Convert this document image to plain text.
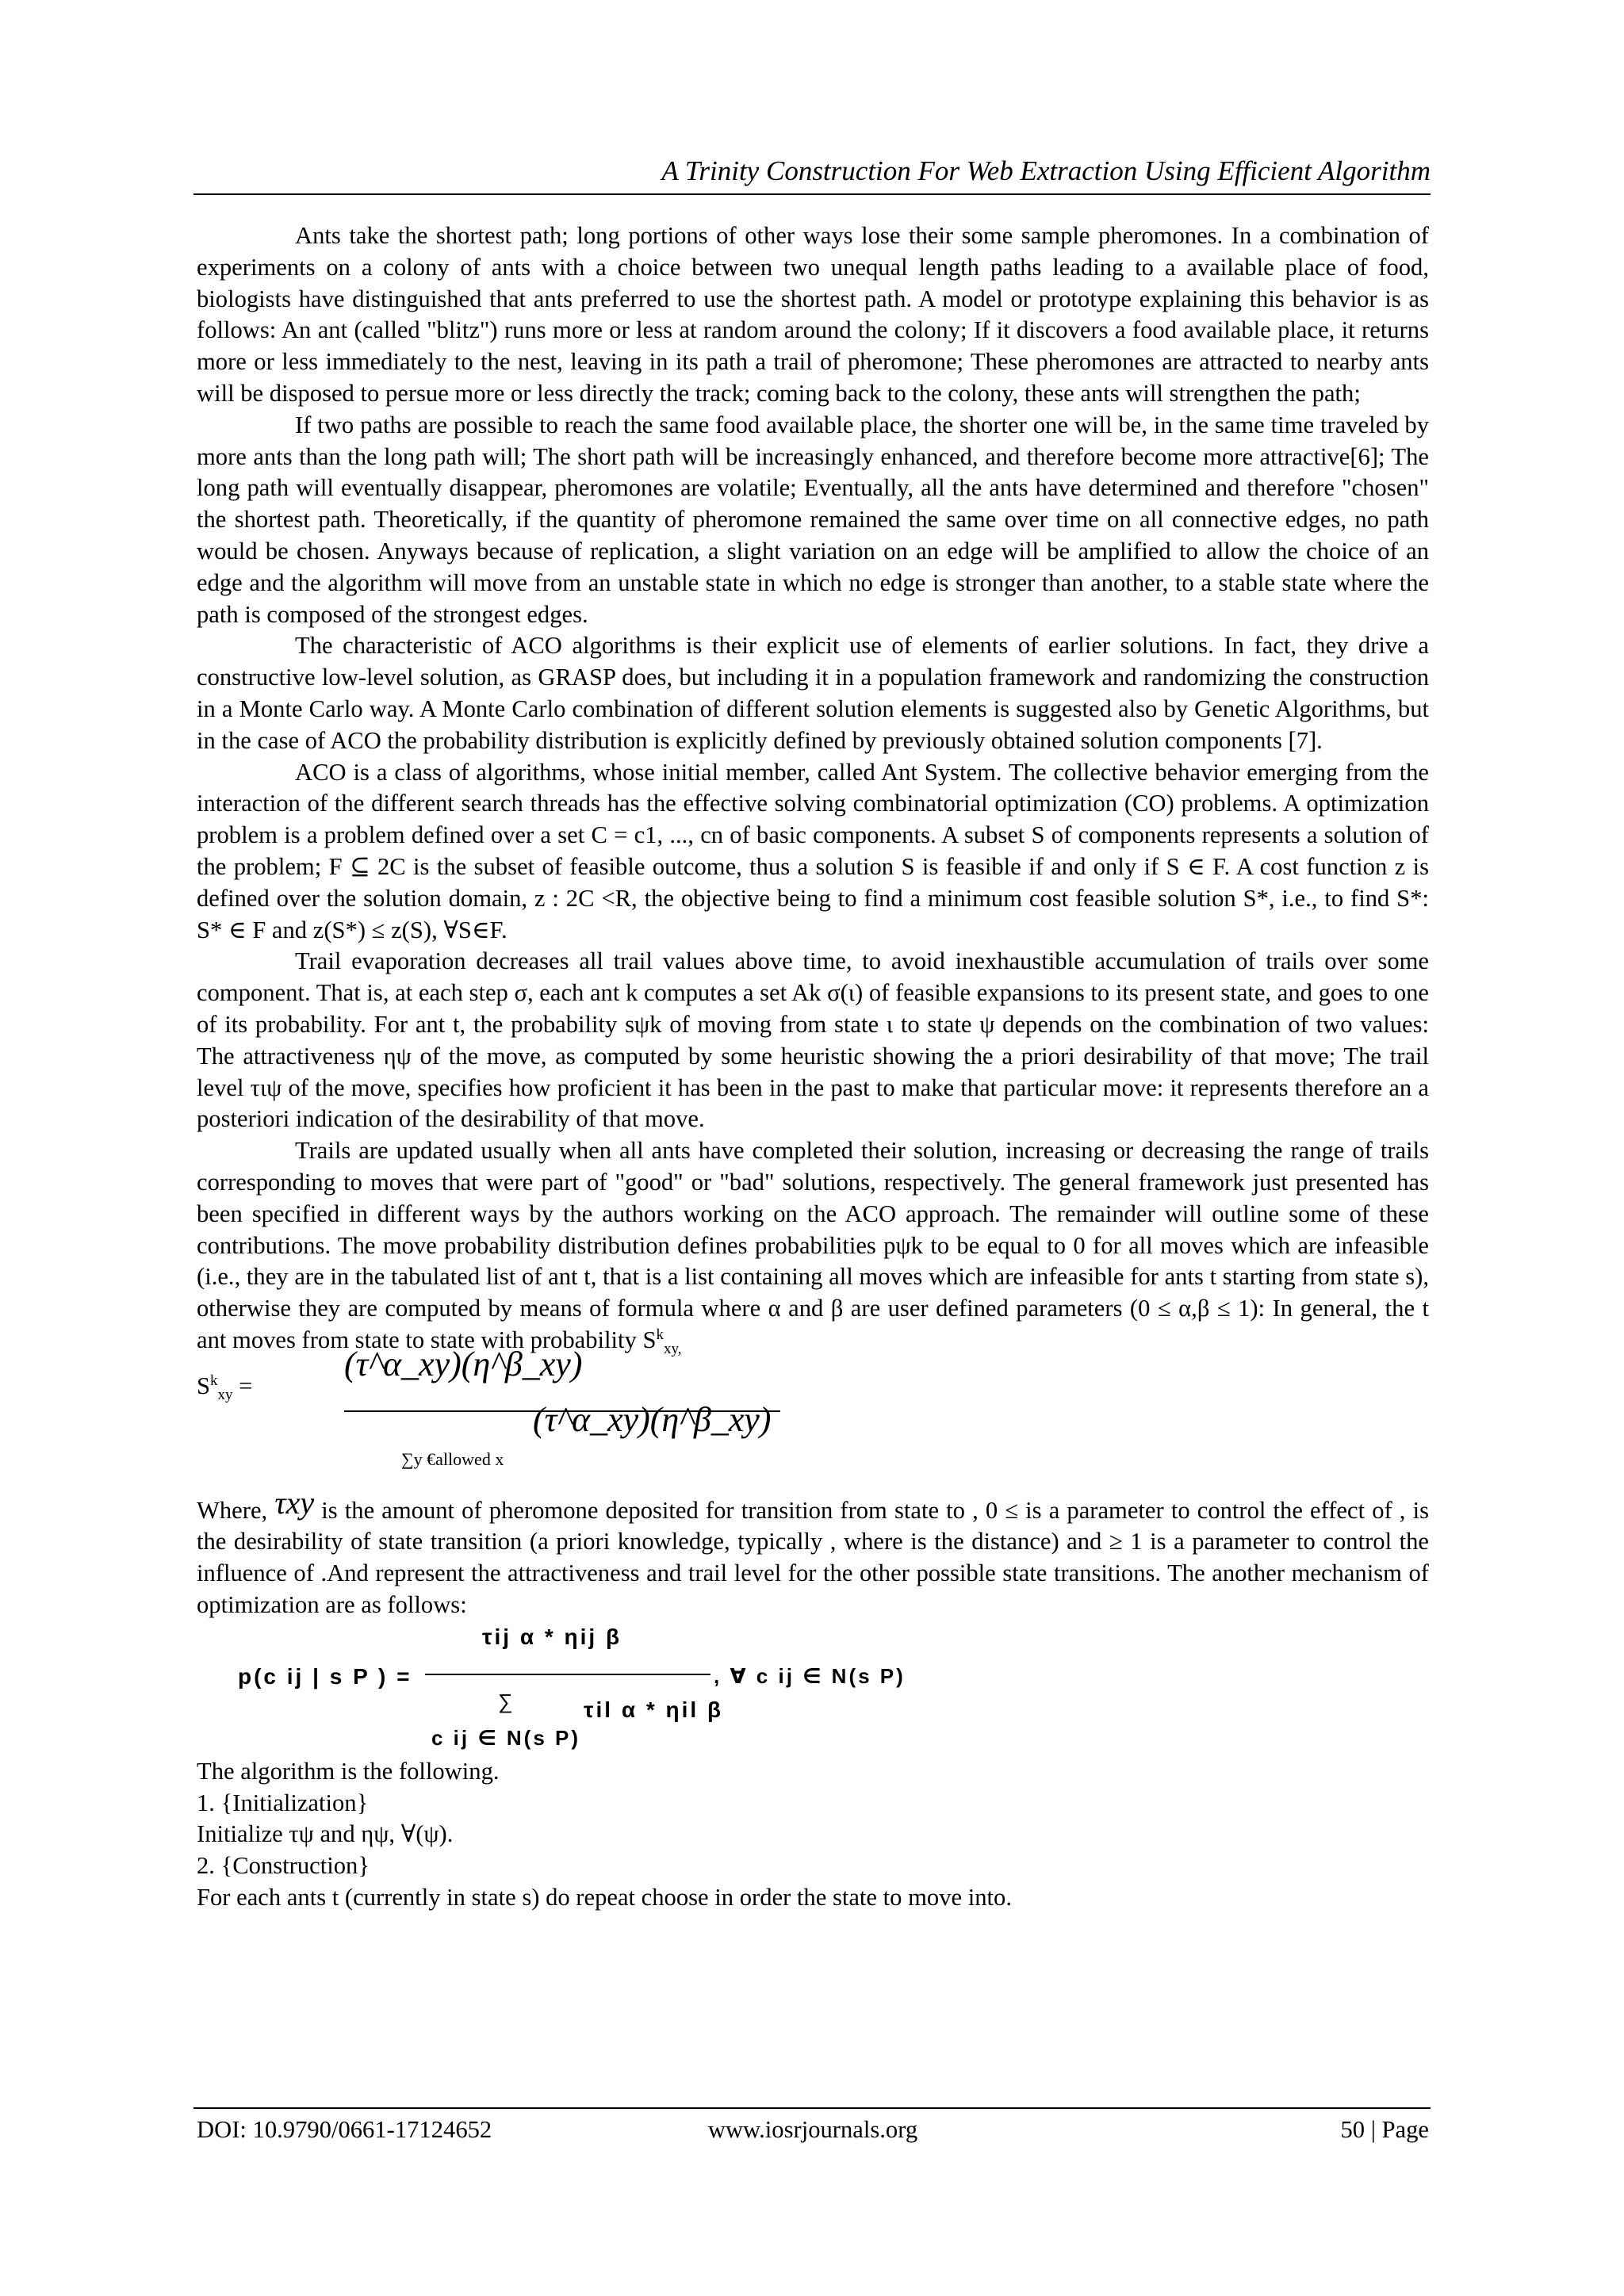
A Trinity Construction For Web Extraction Using Efficient Algorithm

Ants take the shortest path; long portions of other ways lose their some sample pheromones. In a combination of experiments on a colony of ants with a choice between two unequal length paths leading to a available place of food, biologists have distinguished that ants preferred to use the shortest path. A model or prototype explaining this behavior is as follows: An ant (called "blitz") runs more or less at random around the colony; If it discovers a food available place, it returns more or less immediately to the nest, leaving in its path a trail of pheromone; These pheromones are attracted to nearby ants will be disposed to persue more or less directly the track; coming back to the colony, these ants will strengthen the path;

If two paths are possible to reach the same food available place, the shorter one will be, in the same time traveled by more ants than the long path will; The short path will be increasingly enhanced, and therefore become more attractive[6]; The long path will eventually disappear, pheromones are volatile; Eventually, all the ants have determined and therefore "chosen" the shortest path. Theoretically, if the quantity of pheromone remained the same over time on all connective edges, no path would be chosen. Anyways because of replication, a slight variation on an edge will be amplified to allow the choice of an edge and the algorithm will move from an unstable state in which no edge is stronger than another, to a stable state where the path is composed of the strongest edges.

The characteristic of ACO algorithms is their explicit use of elements of earlier solutions. In fact, they drive a constructive low-level solution, as GRASP does, but including it in a population framework and randomizing the construction in a Monte Carlo way. A Monte Carlo combination of different solution elements is suggested also by Genetic Algorithms, but in the case of ACO the probability distribution is explicitly defined by previously obtained solution components [7].

ACO is a class of algorithms, whose initial member, called Ant System. The collective behavior emerging from the interaction of the different search threads has the effective solving combinatorial optimization (CO) problems. A optimization problem is a problem defined over a set C = c1, ..., cn of basic components. A subset S of components represents a solution of the problem; F ⊆ 2C is the subset of feasible outcome, thus a solution S is feasible if and only if S ∈ F. A cost function z is defined over the solution domain, z : 2C <R, the objective being to find a minimum cost feasible solution S*, i.e., to find S*: S* ∈ F and z(S*) ≤ z(S), ∀S∈F.

Trail evaporation decreases all trail values above time, to avoid inexhaustible accumulation of trails over some component. That is, at each step σ, each ant k computes a set Ak σ(ι) of feasible expansions to its present state, and goes to one of its probability. For ant t, the probability sψk of moving from state ι to state ψ depends on the combination of two values: The attractiveness ηψ of the move, as computed by some heuristic showing the a priori desirability of that move; The trail level τιψ of the move, specifies how proficient it has been in the past to make that particular move: it represents therefore an a posteriori indication of the desirability of that move.

Trails are updated usually when all ants have completed their solution, increasing or decreasing the range of trails corresponding to moves that were part of "good" or "bad" solutions, respectively. The general framework just presented has been specified in different ways by the authors working on the ACO approach. The remainder will outline some of these contributions. The move probability distribution defines probabilities pψk to be equal to 0 for all moves which are infeasible (i.e., they are in the tabulated list of ant t, that is a list containing all moves which are infeasible for ants t starting from state s), otherwise they are computed by means of formula where α and β are user defined parameters (0 ≤ α,β ≤ 1): In general, the t ant moves from state to state with probability $S^k_{xy,}$

$S^k_{xy}$ =
(τ^α_xy)(η^β_xy)
∑y €allowed x
(τ^α_xy)(η^β_xy)

Where, τxy is the amount of pheromone deposited for transition from state to , 0 ≤ is a parameter to control the effect of , is the desirability of state transition (a priori knowledge, typically , where is the distance) and ≥ 1 is a parameter to control the influence of .And represent the attractiveness and trail level for the other possible state transitions. The another mechanism of optimization are as follows:

p(c ij | s P ) =
τij α * ηij β
∑	τil α * ηil β
c ij ∈ N(s P)
, ∀ c ij ∈ N(s P)

The algorithm is the following.

1. {Initialization}

Initialize τψ and ηψ, ∀(ψ).

2. {Construction}

For each ants t (currently in state s) do repeat choose in order the state to move into.

DOI: 10.9790/0661-17124652	www.iosrjournals.org	50 | Page
